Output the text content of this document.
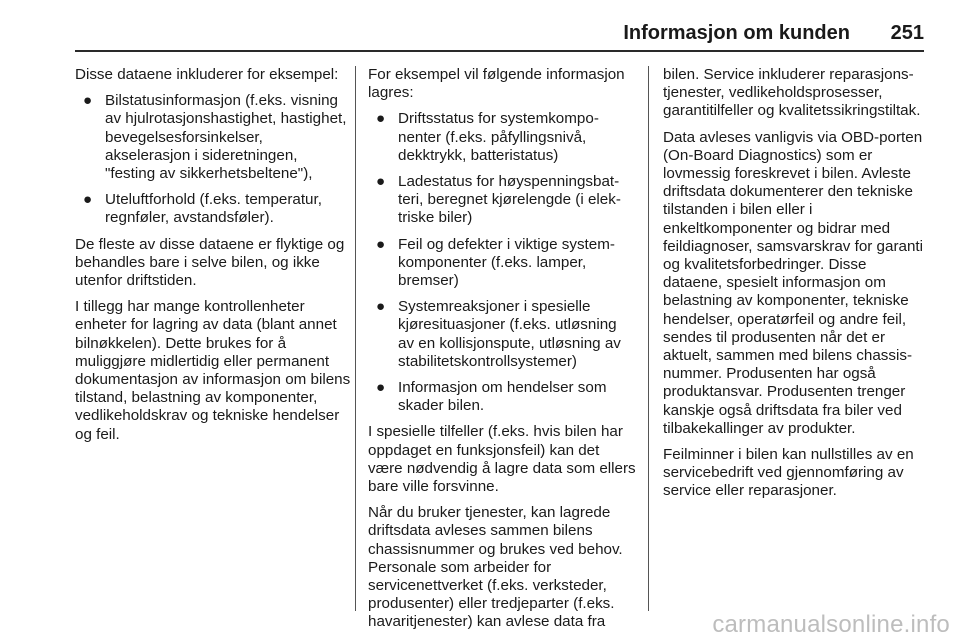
Informasjon om kunden 251

Disse dataene inkluderer for eksempel:

● Bilstatusinformasjon (f.eks. visning av hjulrotasjonshastighet, hastighet, bevegelsesforsinkelser, akselerasjon i sideretningen, "festing av sikkerhetsbeltene"),
● Uteluftforhold (f.eks. temperatur, regnføler, avstandsføler).

De fleste av disse dataene er flyktige og behandles bare i selve bilen, og ikke utenfor driftstiden.

I tillegg har mange kontrollenheter enheter for lagring av data (blant annet bilnøkkelen). Dette brukes for å muliggjøre midlertidig eller permanent dokumentasjon av informasjon om bilens tilstand, belastning av komponenter, vedlikeholdskrav og tekniske hendelser og feil.

For eksempel vil følgende informasjon lagres:

● Driftsstatus for systemkomponenter (f.eks. påfyllingsnivå, dekktrykk, batteristatus)
● Ladestatus for høyspenningsbatteri, beregnet kjørelengde (i elektriske biler)
● Feil og defekter i viktige systemkomponenter (f.eks. lamper, bremser)
● Systemreaksjoner i spesielle kjøresituasjoner (f.eks. utløsning av en kollisjonspute, utløsning av stabilitetskontrollsystemer)
● Informasjon om hendelser som skader bilen.

I spesielle tilfeller (f.eks. hvis bilen har oppdaget en funksjonsfeil) kan det være nødvendig å lagre data som ellers bare ville forsvinne.

Når du bruker tjenester, kan lagrede driftsdata avleses sammen bilens chassisnummer og brukes ved behov. Personale som arbeider for servicenettverket (f.eks. verksteder, produsenter) eller tredjeparter (f.eks. havaritjenester) kan avlese data fra

bilen. Service inkluderer reparasjonstjenester, vedlikeholdsprosesser, garantitilfeller og kvalitetssikringstiltak.

Data avleses vanligvis via OBD-porten (On-Board Diagnostics) som er lovmessig foreskrevet i bilen. Avleste driftsdata dokumenterer den tekniske tilstanden i bilen eller i enkeltkomponenter og bidrar med feildiagnoser, samsvarskrav for garanti og kvalitetsforbedringer. Disse dataene, spesielt informasjon om belastning av komponenter, tekniske hendelser, operatørfeil og andre feil, sendes til produsenten når det er aktuelt, sammen med bilens chassisnummer. Produsenten har også produktansvar. Produsenten trenger kanskje også driftsdata fra biler ved tilbakekallinger av produkter.

Feilminner i bilen kan nullstilles av en servicebedrift ved gjennomføring av service eller reparasjoner.

carmanualsonline.info
